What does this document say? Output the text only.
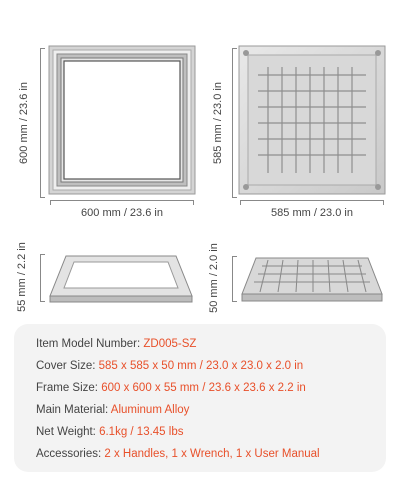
600 mm / 23.6 in
600 mm / 23.6 in
585 mm / 23.0 in
585 mm / 23.0 in
55 mm / 2.2 in	50 mm / 2.0 in
Item Model Number: ZD005-SZ
Cover Size: 585 x 585 x 50 mm / 23.0 x 23.0 x 2.0 in
Frame Size: 600 x 600 x 55 mm / 23.6 x 23.6 x 2.2 in
Main Material: Aluminum Alloy
Net Weight: 6.1kg / 13.45 lbs
Accessories: 2 x Handles, 1 x Wrench, 1 x User Manual
